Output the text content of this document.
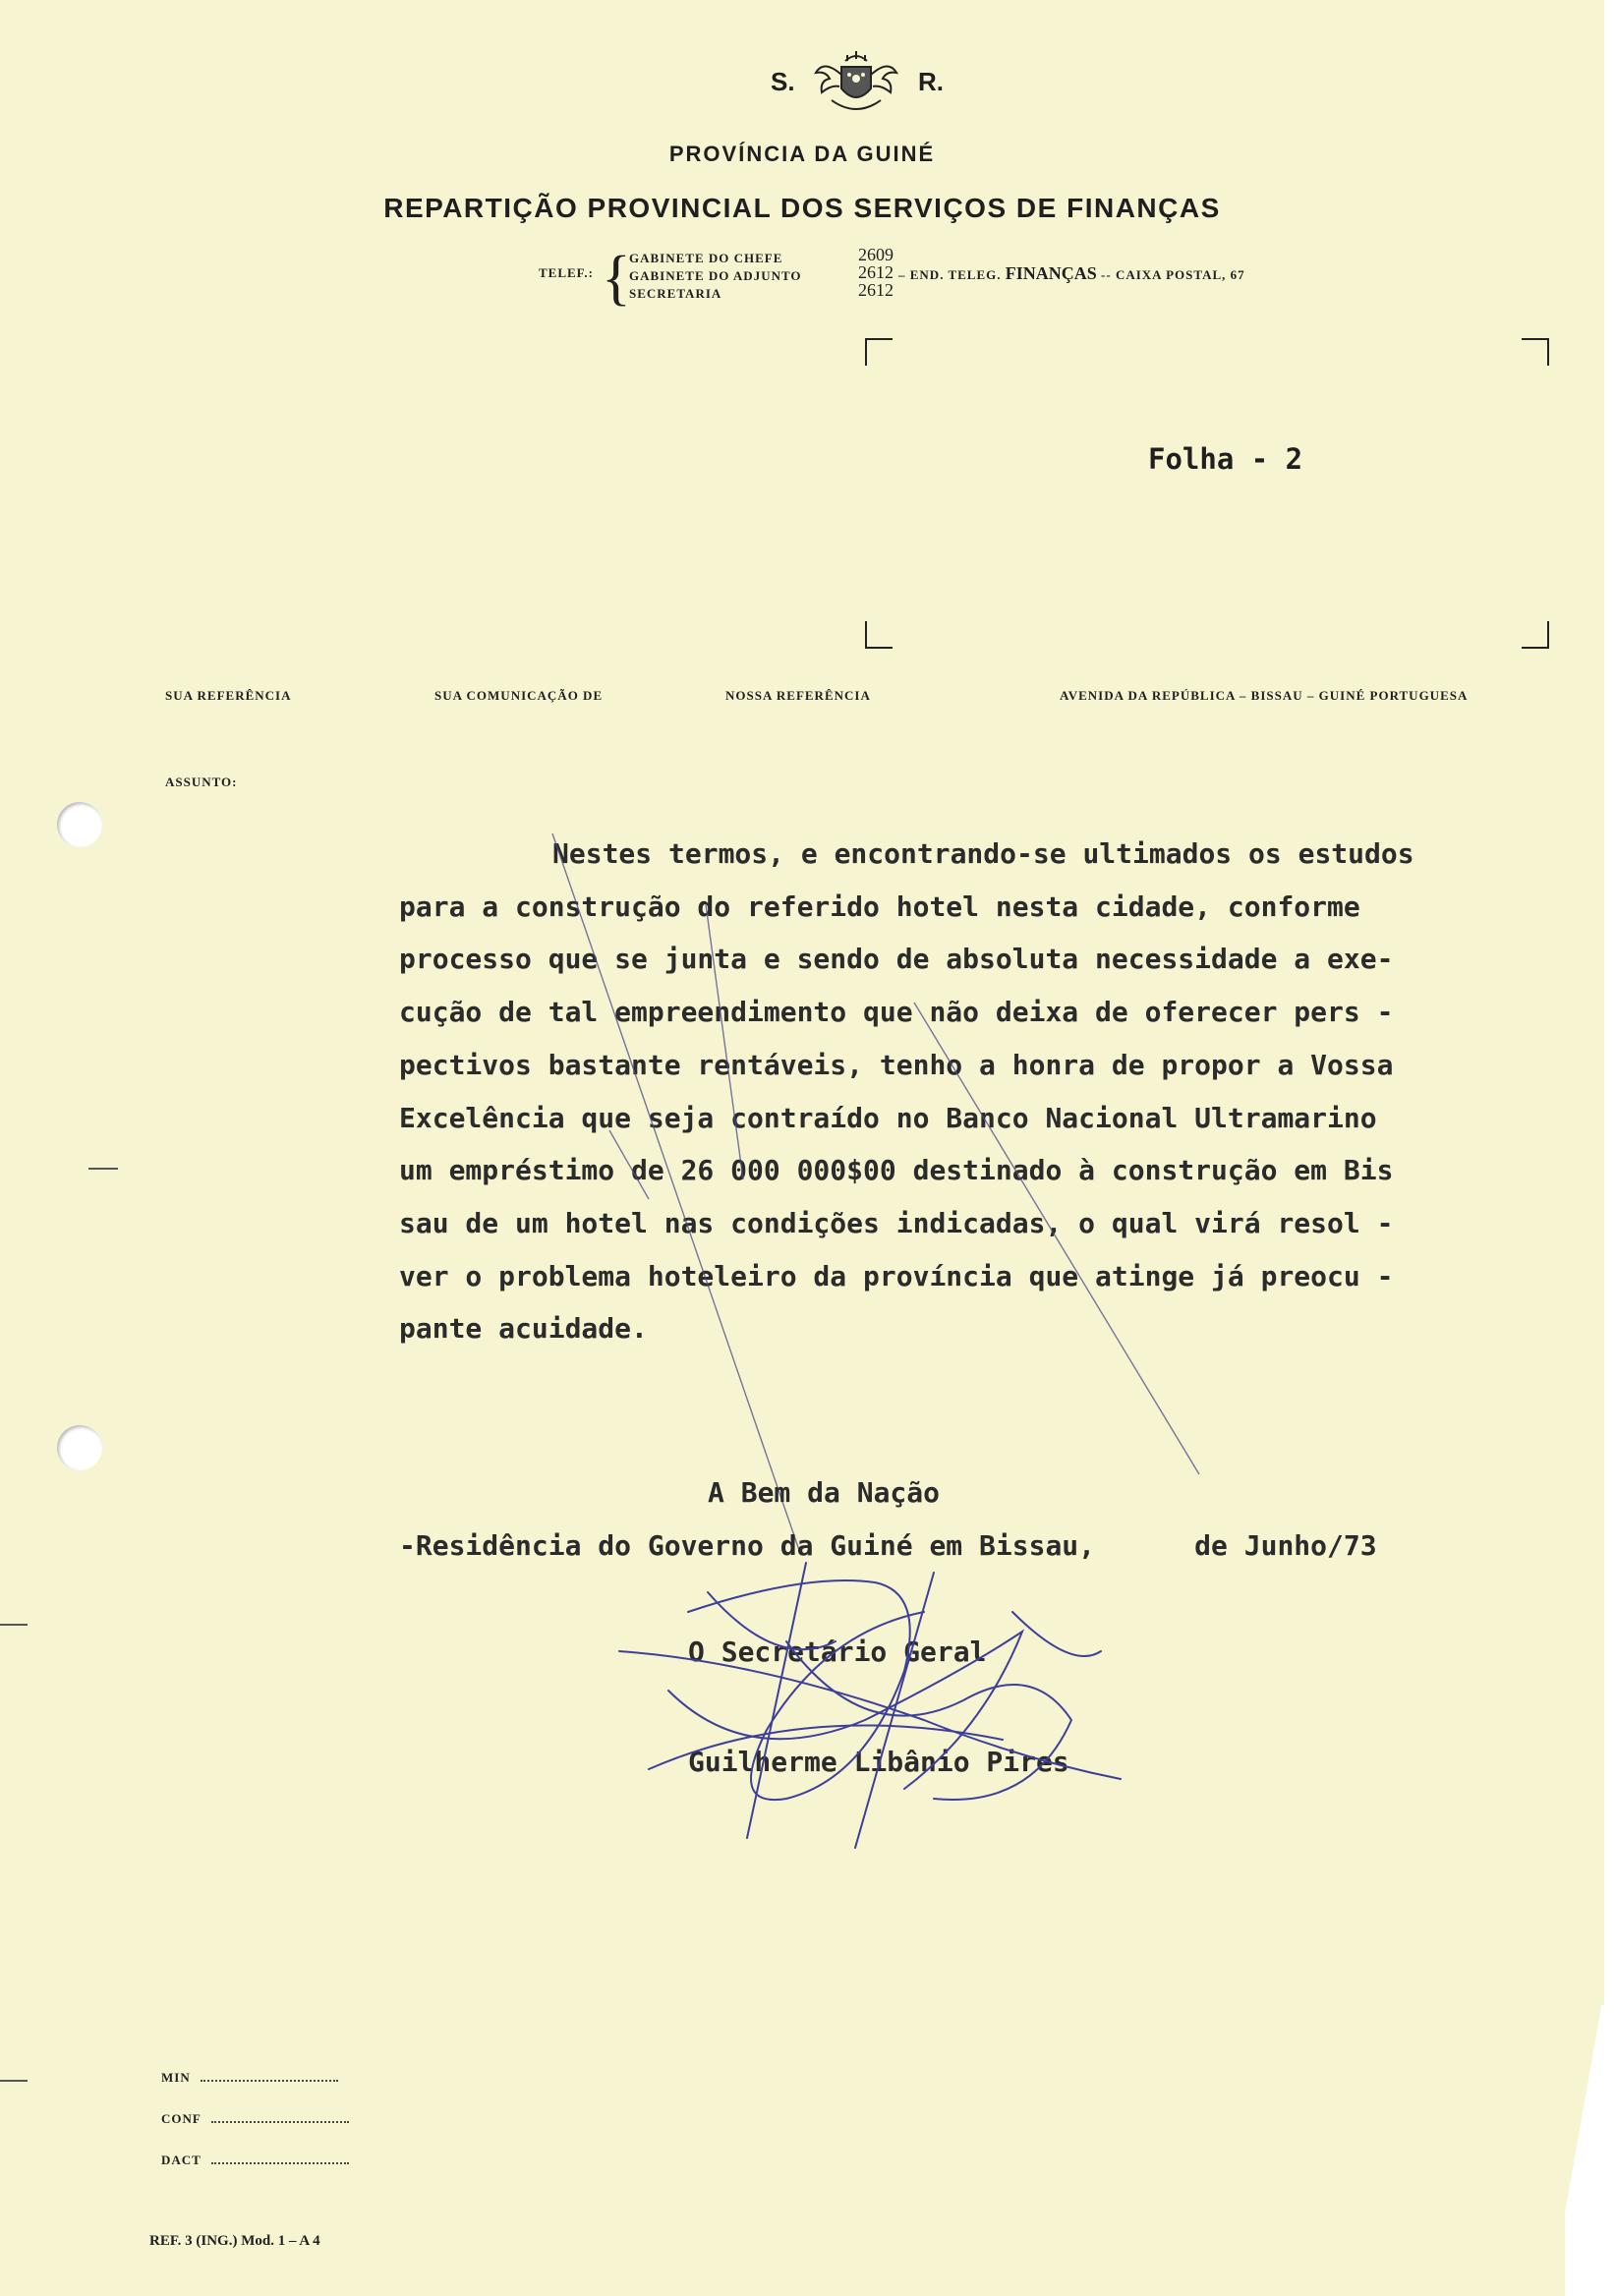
S.	R.
PROVÍNCIA DA GUINÉ
REPARTIÇÃO PROVINCIAL DOS SERVIÇOS DE FINANÇAS
TELEF.: {
GABINETE DO CHEFE	2609
GABINETE DO ADJUNTO	2612
SECRETARIA	2612
– END. TELEG. FINANÇAS -- CAIXA POSTAL, 67
Folha - 2
SUA REFERÊNCIA	SUA COMUNICAÇÃO DE	NOSSA REFERÊNCIA	AVENIDA DA REPÚBLICA – BISSAU – GUINÉ PORTUGUESA
ASSUNTO:
Nestes termos, e encontrando-se ultimados os estudos
para a construção do referido hotel nesta cidade, conforme
processo que se junta e sendo de absoluta necessidade a exe-
cução de tal empreendimento que não deixa de oferecer pers -
pectivos bastante rentáveis, tenho a honra de propor a Vossa
Excelência que seja contraído no Banco Nacional Ultramarino
um empréstimo de 26 000 000$00 destinado à construção em Bis
sau de um hotel nas condições indicadas, o qual virá resol -
ver o problema hoteleiro da província que atinge já preocu -
pante acuidade.
A Bem da Nação
-Residência do Governo da Guiné em Bissau,      de Junho/73
O Secretário Geral
Guilherme Libânio Pires
MIN
CONF
DACT
REF. 3 (ING.) Mod. 1 – A 4
